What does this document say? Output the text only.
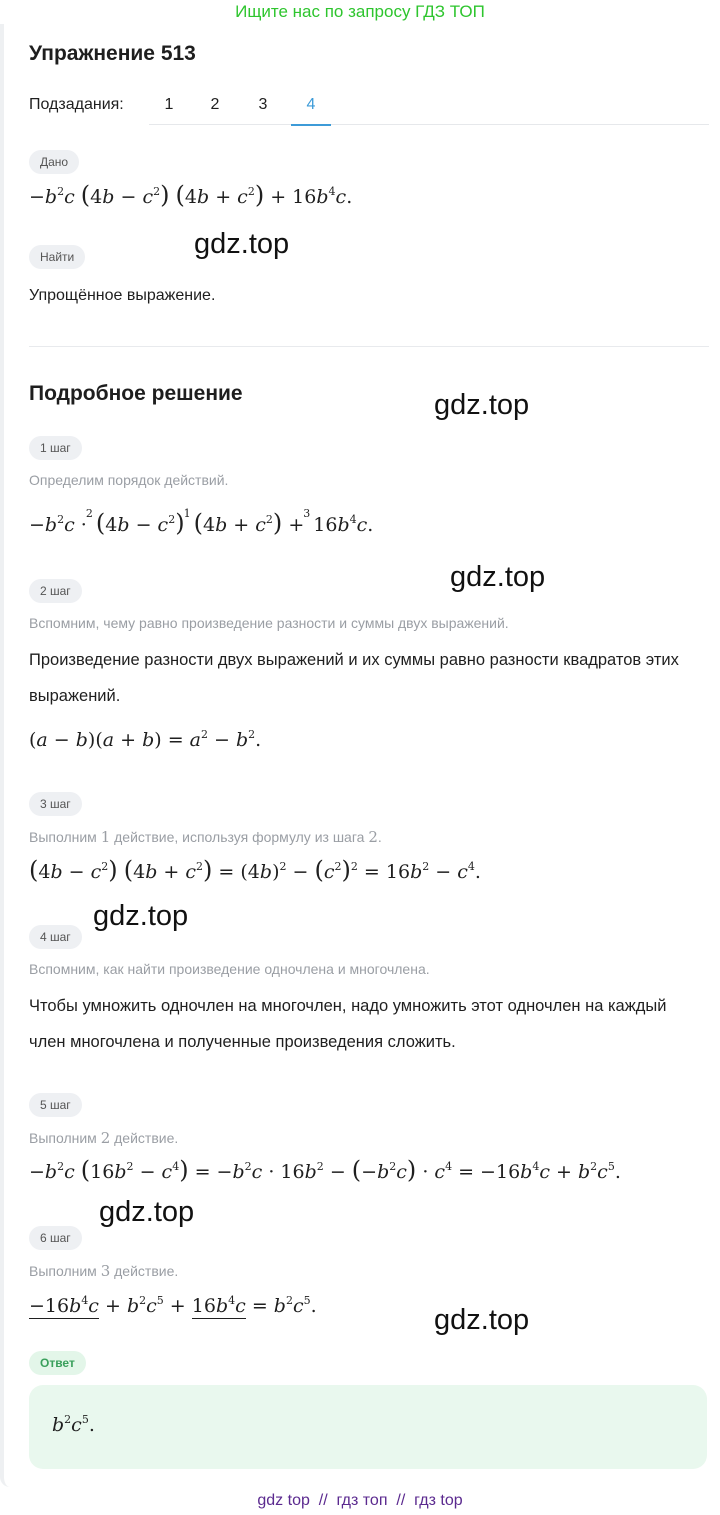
Ищите нас по запросу ГДЗ ТОП
Упражнение 513
Подзадания:	1	2	3	4
Дано
$-b^2c$ $(4b - c^2)$ $(4b + c^2) + 16b^4c$.
Найти
Упрощённое выражение.
Подробное решение
1 шаг
Определим порядок действий.
$-b^2c \cdot^2$ $(4b - c^2)^1$ $(4b + c^2) +^3$ $16b^4c$.
2 шаг
Вспомним, чему равно произведение разности и суммы двух выражений.
Произведение разности двух выражений и их суммы равно разности квадратов этих выражений.
$(a - b)(a + b) = a^2 - b^2$.
3 шаг
Выполним 1 действие, используя формулу из шага 2.
$(4b - c^2)$ $(4b + c^2) = (4b)^2 - (c^2)^2 = 16b^2 - c^4$.
4 шаг
Вспомним, как найти произведение одночлена и многочлена.
Чтобы умножить одночлен на многочлен, надо умножить этот одночлен на каждый член многочлена и полученные произведения сложить.
5 шаг
Выполним 2 действие.
$-b^2c$ $(16b^2 - c^4) = -b^2c \cdot 16b^2 - (-b^2c) \cdot c^4 = -16b^4c + b^2c^5$.
6 шаг
Выполним 3 действие.
$-16b^4c + b^2c^5 + 16b^4c = b^2c^5$.
Ответ
$b^2c^5$.
gdz.top
gdz.top
gdz.top
gdz.top
gdz.top
gdz.top
gdz top  //  гдз топ  //  гдз top
